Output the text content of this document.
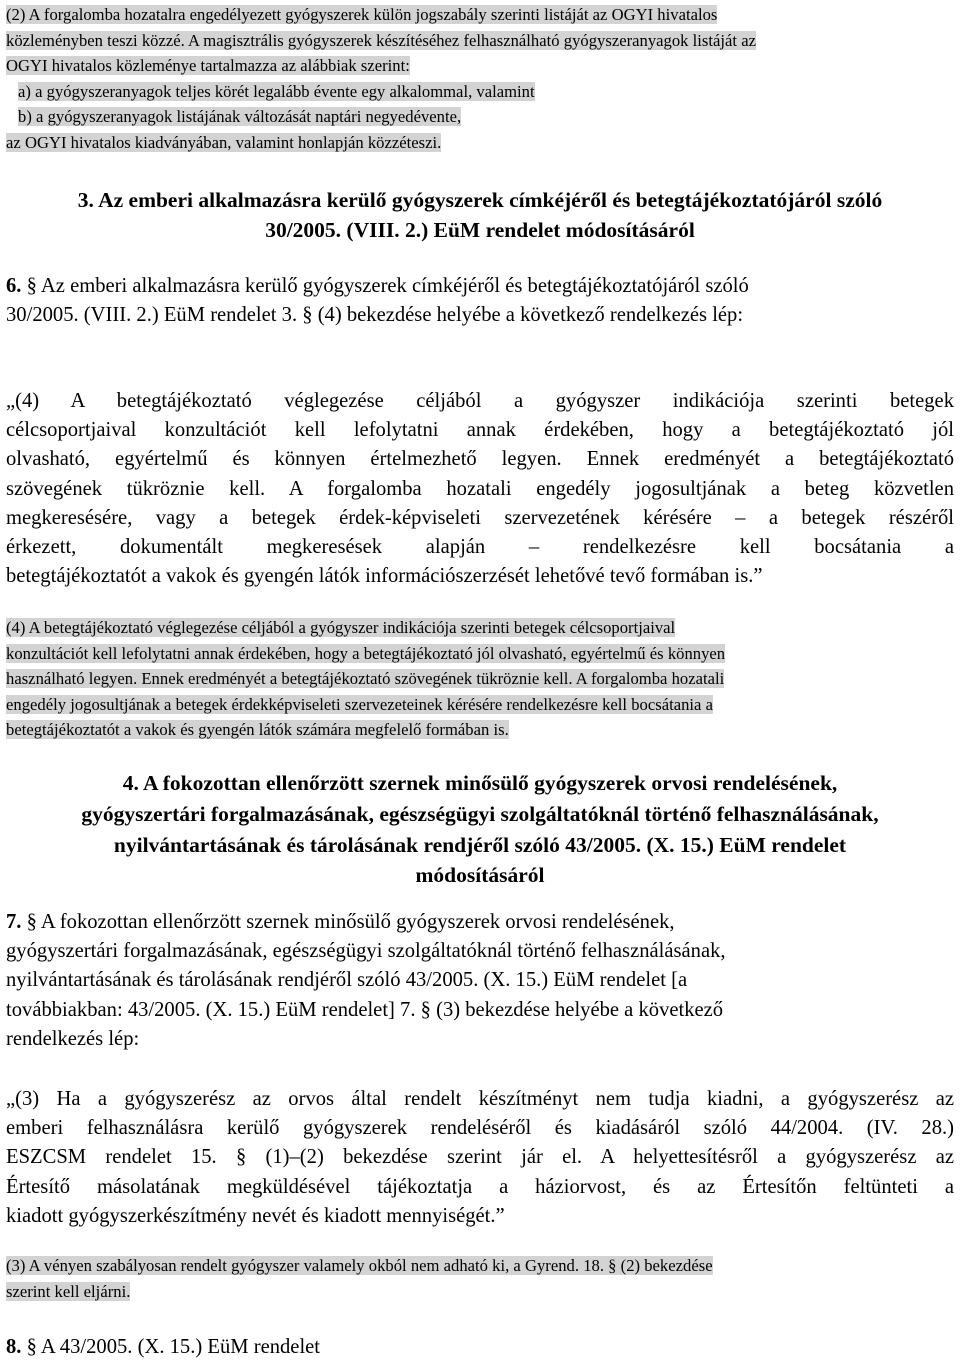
(2) A forgalomba hozatalra engedélyezett gyógyszerek külön jogszabály szerinti listáját az OGYI hivatalos
közleményben teszi közzé. A magisztrális gyógyszerek készítéséhez felhasználható gyógyszeranyagok listáját az
OGYI hivatalos közleménye tartalmazza az alábbiak szerint:
a) a gyógyszeranyagok teljes körét legalább évente egy alkalommal, valamint
b) a gyógyszeranyagok listájának változását naptári negyedévente,
az OGYI hivatalos kiadványában, valamint honlapján közzéteszi.
3. Az emberi alkalmazásra kerülő gyógyszerek címkéjéről és betegtájékoztatójáról szóló
30/2005. (VIII. 2.) EüM rendelet módosításáról
6. § Az emberi alkalmazásra kerülő gyógyszerek címkéjéről és betegtájékoztatójáról szóló
30/2005. (VIII. 2.) EüM rendelet 3. § (4) bekezdése helyébe a következő rendelkezés lép:
„(4) A betegtájékoztató véglegezése céljából a gyógyszer indikációja szerinti betegek
célcsoportjaival konzultációt kell lefolytatni annak érdekében, hogy a betegtájékoztató jól
olvasható, egyértelmű és könnyen értelmezhető legyen. Ennek eredményét a betegtájékoztató
szövegének tükröznie kell. A forgalomba hozatali engedély jogosultjának a beteg közvetlen
megkeresésére, vagy a betegek érdek-képviseleti szervezetének kérésére – a betegek részéről
érkezett, dokumentált megkeresések alapján – rendelkezésre kell bocsátania a
betegtájékoztatót a vakok és gyengén látók információszerzését lehetővé tevő formában is.”
(4) A betegtájékoztató véglegezése céljából a gyógyszer indikációja szerinti betegek célcsoportjaival
konzultációt kell lefolytatni annak érdekében, hogy a betegtájékoztató jól olvasható, egyértelmű és könnyen
használható legyen. Ennek eredményét a betegtájékoztató szövegének tükröznie kell. A forgalomba hozatali
engedély jogosultjának a betegek érdekképviseleti szervezeteinek kérésére rendelkezésre kell bocsátania a
betegtájékoztatót a vakok és gyengén látók számára megfelelő formában is.
4. A fokozottan ellenőrzött szernek minősülő gyógyszerek orvosi rendelésének,
gyógyszertári forgalmazásának, egészségügyi szolgáltatóknál történő felhasználásának,
nyilvántartásának és tárolásának rendjéről szóló 43/2005. (X. 15.) EüM rendelet
módosításáról
7. § A fokozottan ellenőrzött szernek minősülő gyógyszerek orvosi rendelésének,
gyógyszertári forgalmazásának, egészségügyi szolgáltatóknál történő felhasználásának,
nyilvántartásának és tárolásának rendjéről szóló 43/2005. (X. 15.) EüM rendelet [a
továbbiakban: 43/2005. (X. 15.) EüM rendelet] 7. § (3) bekezdése helyébe a következő
rendelkezés lép:
„(3) Ha a gyógyszerész az orvos által rendelt készítményt nem tudja kiadni, a gyógyszerész az
emberi felhasználásra kerülő gyógyszerek rendeléséről és kiadásáról szóló 44/2004. (IV. 28.)
ESZCSM rendelet 15. § (1)–(2) bekezdése szerint jár el. A helyettesítésről a gyógyszerész az
Értesítő másolatának megküldésével tájékoztatja a háziorvost, és az Értesítőn feltünteti a
kiadott gyógyszerkészítmény nevét és kiadott mennyiségét.”
(3) A vényen szabályosan rendelt gyógyszer valamely okból nem adható ki, a Gyrend. 18. § (2) bekezdése
szerint kell eljárni.
8. § A 43/2005. (X. 15.) EüM rendelet
